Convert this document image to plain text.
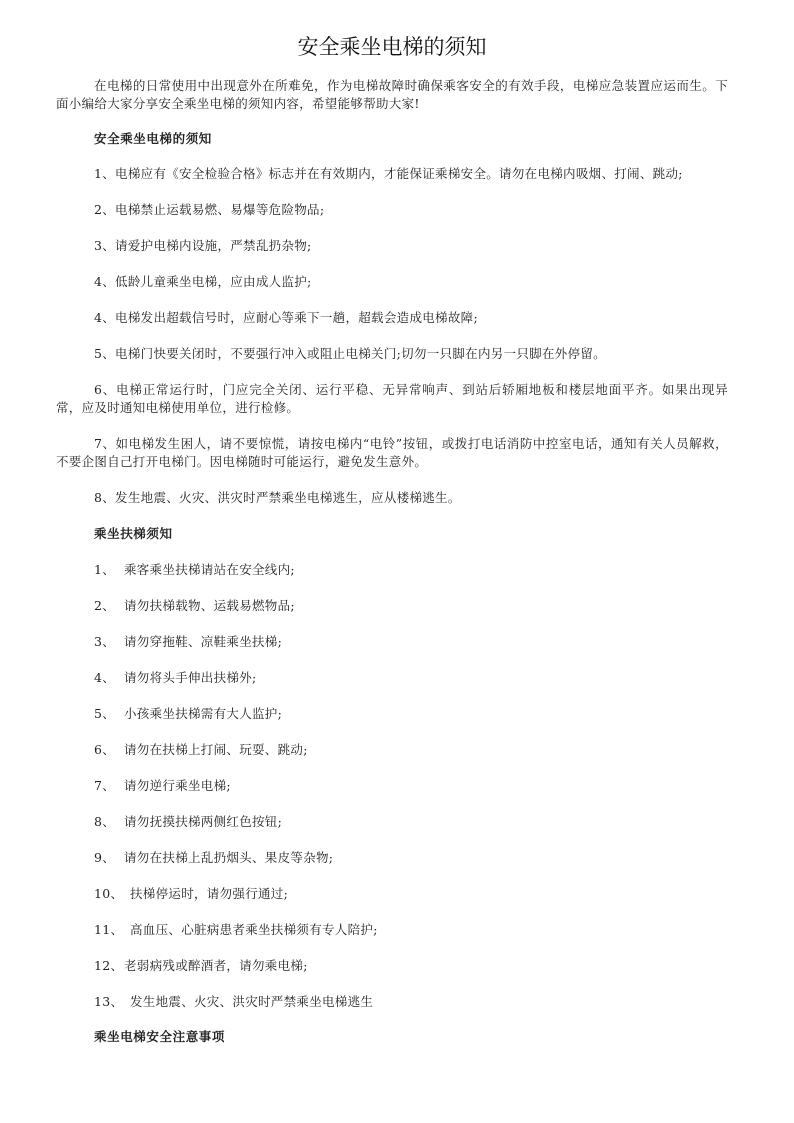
安全乘坐电梯的须知

在电梯的日常使用中出现意外在所难免，作为电梯故障时确保乘客安全的有效手段，电梯应急装置应运而生。下面小编给大家分享安全乘坐电梯的须知内容，希望能够帮助大家!

安全乘坐电梯的须知

1、电梯应有《安全检验合格》标志并在有效期内，才能保证乘梯安全。请勿在电梯内吸烟、打闹、跳动;

2、电梯禁止运载易燃、易爆等危险物品;

3、请爱护电梯内设施，严禁乱扔杂物;

4、低龄儿童乘坐电梯，应由成人监护;

4、电梯发出超载信号时，应耐心等乘下一趟，超载会造成电梯故障;

5、电梯门快要关闭时，不要强行冲入或阻止电梯关门;切勿一只脚在内另一只脚在外停留。

6、电梯正常运行时，门应完全关闭、运行平稳、无异常响声、到站后轿厢地板和楼层地面平齐。如果出现异常，应及时通知电梯使用单位，进行检修。

7、如电梯发生困人，请不要惊慌，请按电梯内“电铃”按钮，或拨打电话消防中控室电话，通知有关人员解救，不要企图自己打开电梯门。因电梯随时可能运行，避免发生意外。

8、发生地震、火灾、洪灾时严禁乘坐电梯逃生，应从楼梯逃生。

乘坐扶梯须知

1、 乘客乘坐扶梯请站在安全线内;

2、 请勿扶梯载物、运载易燃物品;

3、 请勿穿拖鞋、凉鞋乘坐扶梯;

4、 请勿将头手伸出扶梯外;

5、 小孩乘坐扶梯需有大人监护;

6、 请勿在扶梯上打闹、玩耍、跳动;

7、 请勿逆行乘坐电梯;

8、 请勿抚摸扶梯两侧红色按钮;

9、 请勿在扶梯上乱扔烟头、果皮等杂物;

10、 扶梯停运时，请勿强行通过;

11、 高血压、心脏病患者乘坐扶梯须有专人陪护;

12、老弱病残或醉酒者，请勿乘电梯;

13、 发生地震、火灾、洪灾时严禁乘坐电梯逃生

乘坐电梯安全注意事项
